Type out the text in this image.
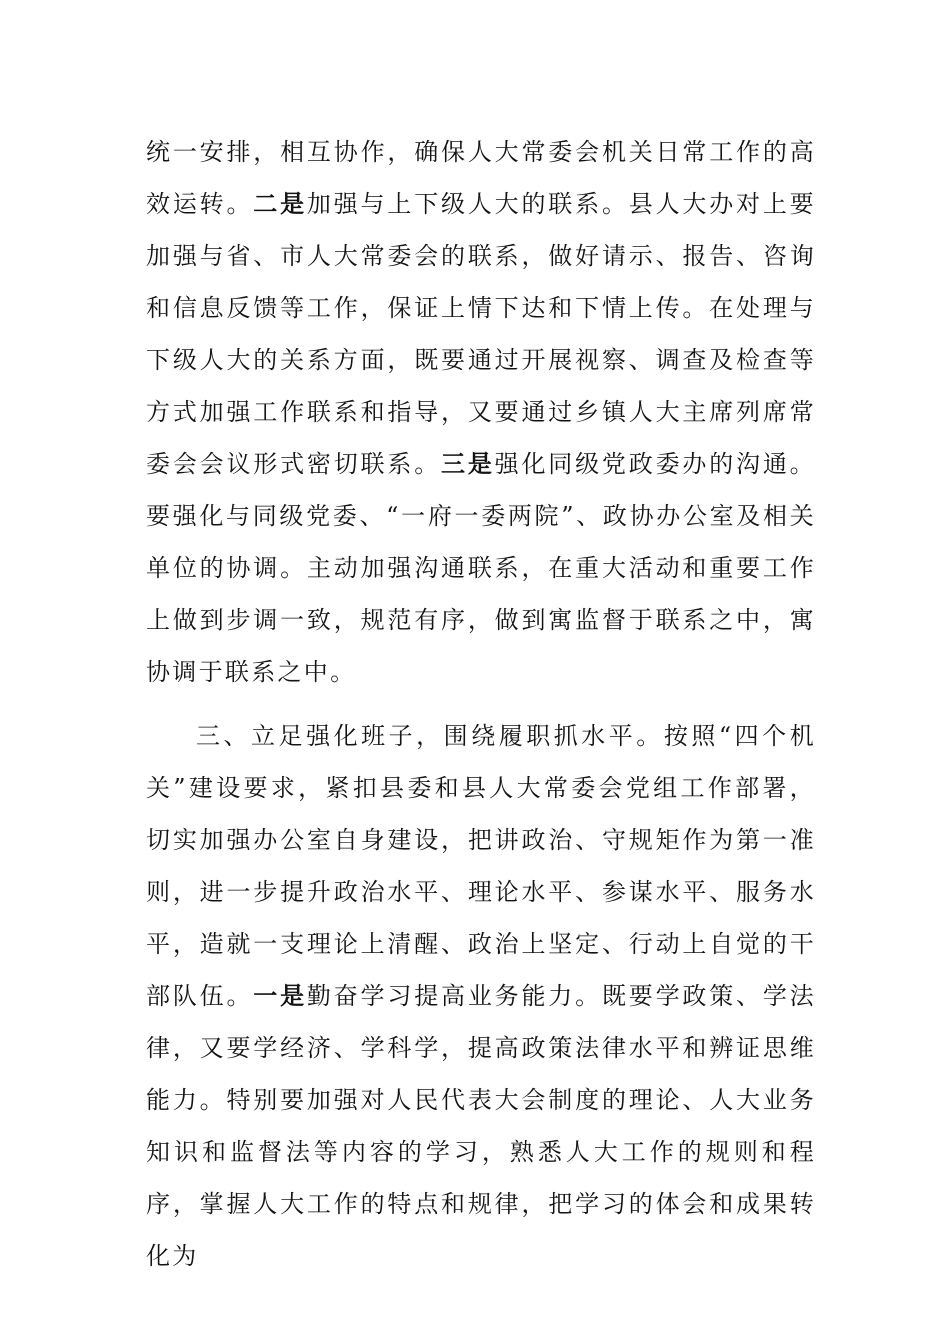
统一安排，相互协作，确保人大常委会机关日常工作的高效运转。二是加强与上下级人大的联系。县人大办对上要加强与省、市人大常委会的联系，做好请示、报告、咨询和信息反馈等工作，保证上情下达和下情上传。在处理与下级人大的关系方面，既要通过开展视察、调查及检查等方式加强工作联系和指导，又要通过乡镇人大主席列席常委会会议形式密切联系。三是强化同级党政委办的沟通。要强化与同级党委、“一府一委两院”、政协办公室及相关单位的协调。主动加强沟通联系，在重大活动和重要工作上做到步调一致，规范有序，做到寓监督于联系之中，寓协调于联系之中。

三、立足强化班子，围绕履职抓水平。按照“四个机关”建设要求，紧扣县委和县人大常委会党组工作部署，切实加强办公室自身建设，把讲政治、守规矩作为第一准则，进一步提升政治水平、理论水平、参谋水平、服务水平，造就一支理论上清醒、政治上坚定、行动上自觉的干部队伍。一是勤奋学习提高业务能力。既要学政策、学法律，又要学经济、学科学，提高政策法律水平和辨证思维能力。特别要加强对人民代表大会制度的理论、人大业务知识和监督法等内容的学习，熟悉人大工作的规则和程序，掌握人大工作的特点和规律，把学习的体会和成果转化为
